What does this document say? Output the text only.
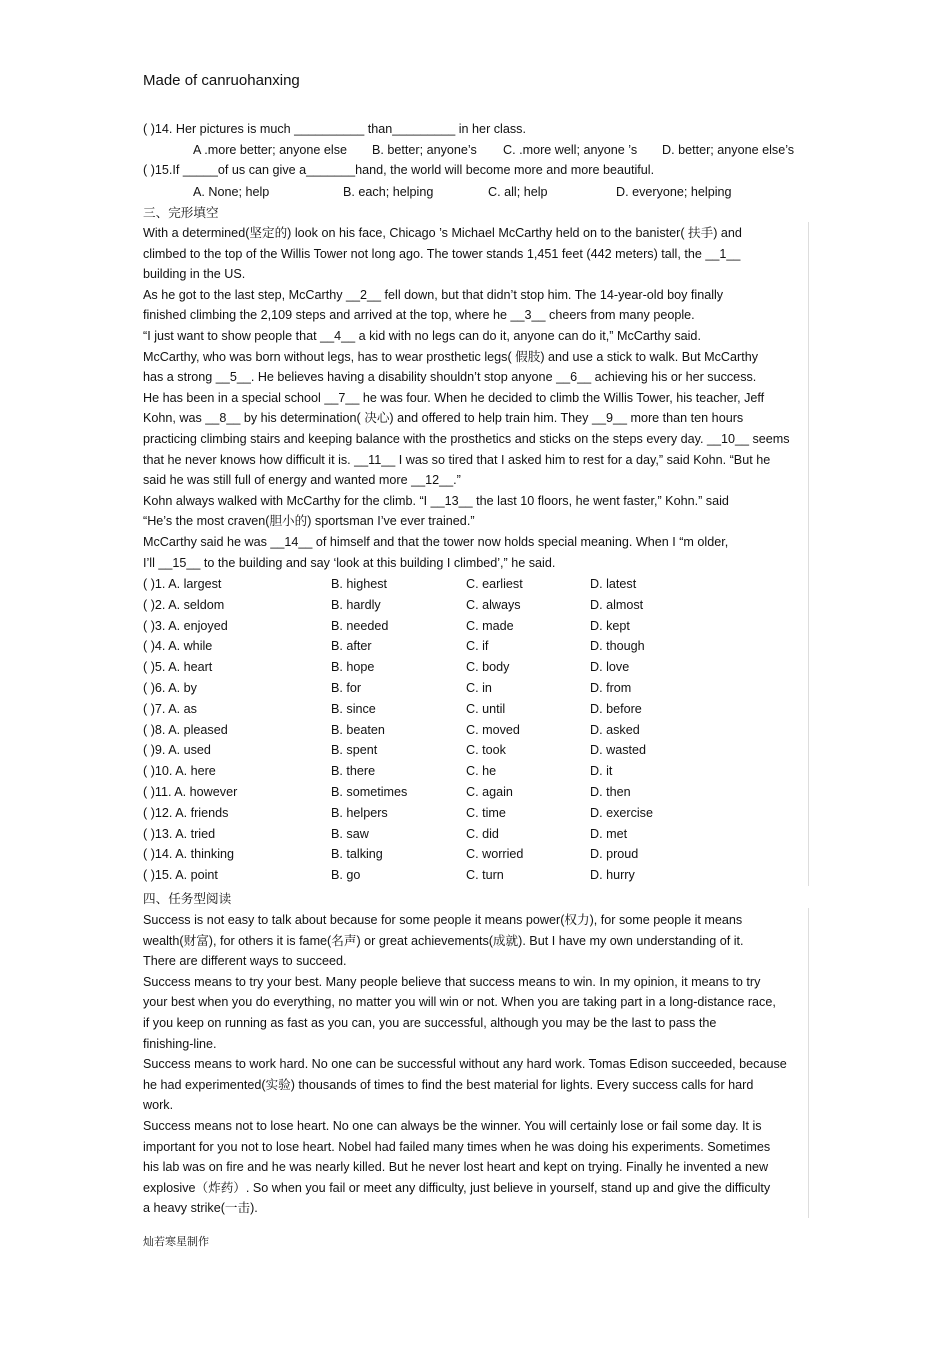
Made of canruohanxing
( )14. Her pictures is much __________ than_________ in her class.
A .more better; anyone else B. better; anyone’s C. .more well; anyone ’s D. better; anyone else’s
( )15.If _____of us can give a_______hand, the world will become more and more beautiful.
A. None; help	B. each; helping	C. all; help	D. everyone; helping
三、完形填空

With a determined(坚定的) look on his face, Chicago ’s Michael McCarthy held on to the banister( 扶手) and

climbed to the top of the Willis Tower not long ago. The tower stands 1,451 feet (442 meters) tall, the __1__

building in the US.

As he got to the last step, McCarthy __2__ fell down, but that didn’t stop him. The 14-year-old boy finally

finished climbing the 2,109 steps and arrived at the top, where he __3__ cheers from many people.

“I just want to show people that __4__ a kid with no legs can do it, anyone can do it,” McCarthy said.

McCarthy, who was born without legs, has to wear prosthetic legs( 假肢) and use a stick to walk. But McCarthy

has a strong __5__. He believes having a disability shouldn’t stop anyone __6__ achieving his or her success.

He has been in a special school __7__ he was four. When he decided to climb the Willis Tower, his teacher, Jeff

Kohn, was __8__ by his determination( 决心) and offered to help train him. They __9__ more than ten hours

practicing climbing stairs and keeping balance with the prosthetics and sticks on the steps every day. __10__ seems

that he never knows how difficult it is. __11__ I was so tired that I asked him to rest for a day,” said Kohn. “But he

said he was still full of energy and wanted more __12__.”

Kohn always walked with McCarthy for the climb. “I __13__ the last 10 floors, he went faster,” Kohn.” said

“He’s the most craven(胆小的) sportsman I’ve ever trained.”

McCarthy said he was __14__ of himself and that the tower now holds special meaning. When I “m older,

I’ll __15__ to the building and say ‘look at this building I climbed’,” he said.

( )1. A. largest	B. highest	C. earliest	D. latest
( )2. A. seldom	B. hardly	C. always	D. almost
( )3. A. enjoyed	B. needed	C. made	D. kept
( )4. A. while	B. after	C. if	D. though
( )5. A. heart	B. hope	C. body	D. love
( )6. A. by	B. for	C. in	D. from
( )7. A. as	B. since	C. until	D. before
( )8. A. pleased	B. beaten	C. moved	D. asked
( )9. A. used	B. spent	C. took	D. wasted
( )10. A. here	B. there	C. he	D. it
( )11. A. however	B. sometimes	C. again	D. then
( )12. A. friends	B. helpers	C. time	D. exercise
( )13. A. tried	B. saw	C. did	D. met
( )14. A. thinking	B. talking	C. worried	D. proud
( )15. A. point	B. go	C. turn	D. hurry
四、任务型阅读

Success is not easy to talk about because for some people it means power(权力), for some people it means

wealth(财富), for others it is fame(名声) or great achievements(成就). But I have my own understanding of it.

There are different ways to succeed.

Success means to try your best. Many people believe that success means to win. In my opinion, it means to try

your best when you do everything, no matter you will win or not. When you are taking part in a long-distance race,

if you keep on running as fast as you can, you are successful, although you may be the last to pass the

finishing-line.

Success means to work hard. No one can be successful without any hard work. Tomas Edison succeeded, because

he had experimented(实验) thousands of times to find the best material for lights. Every success calls for hard

work.

Success means not to lose heart. No one can always be the winner. You will certainly lose or fail some day. It is

important for you not to lose heart. Nobel had failed many times when he was doing his experiments. Sometimes

his lab was on fire and he was nearly killed. But he never lost heart and kept on trying. Finally he invented a new

explosive（炸药）. So when you fail or meet any difficulty, just believe in yourself, stand up and give the difficulty

a heavy strike(一击).

灿若寒星制作
